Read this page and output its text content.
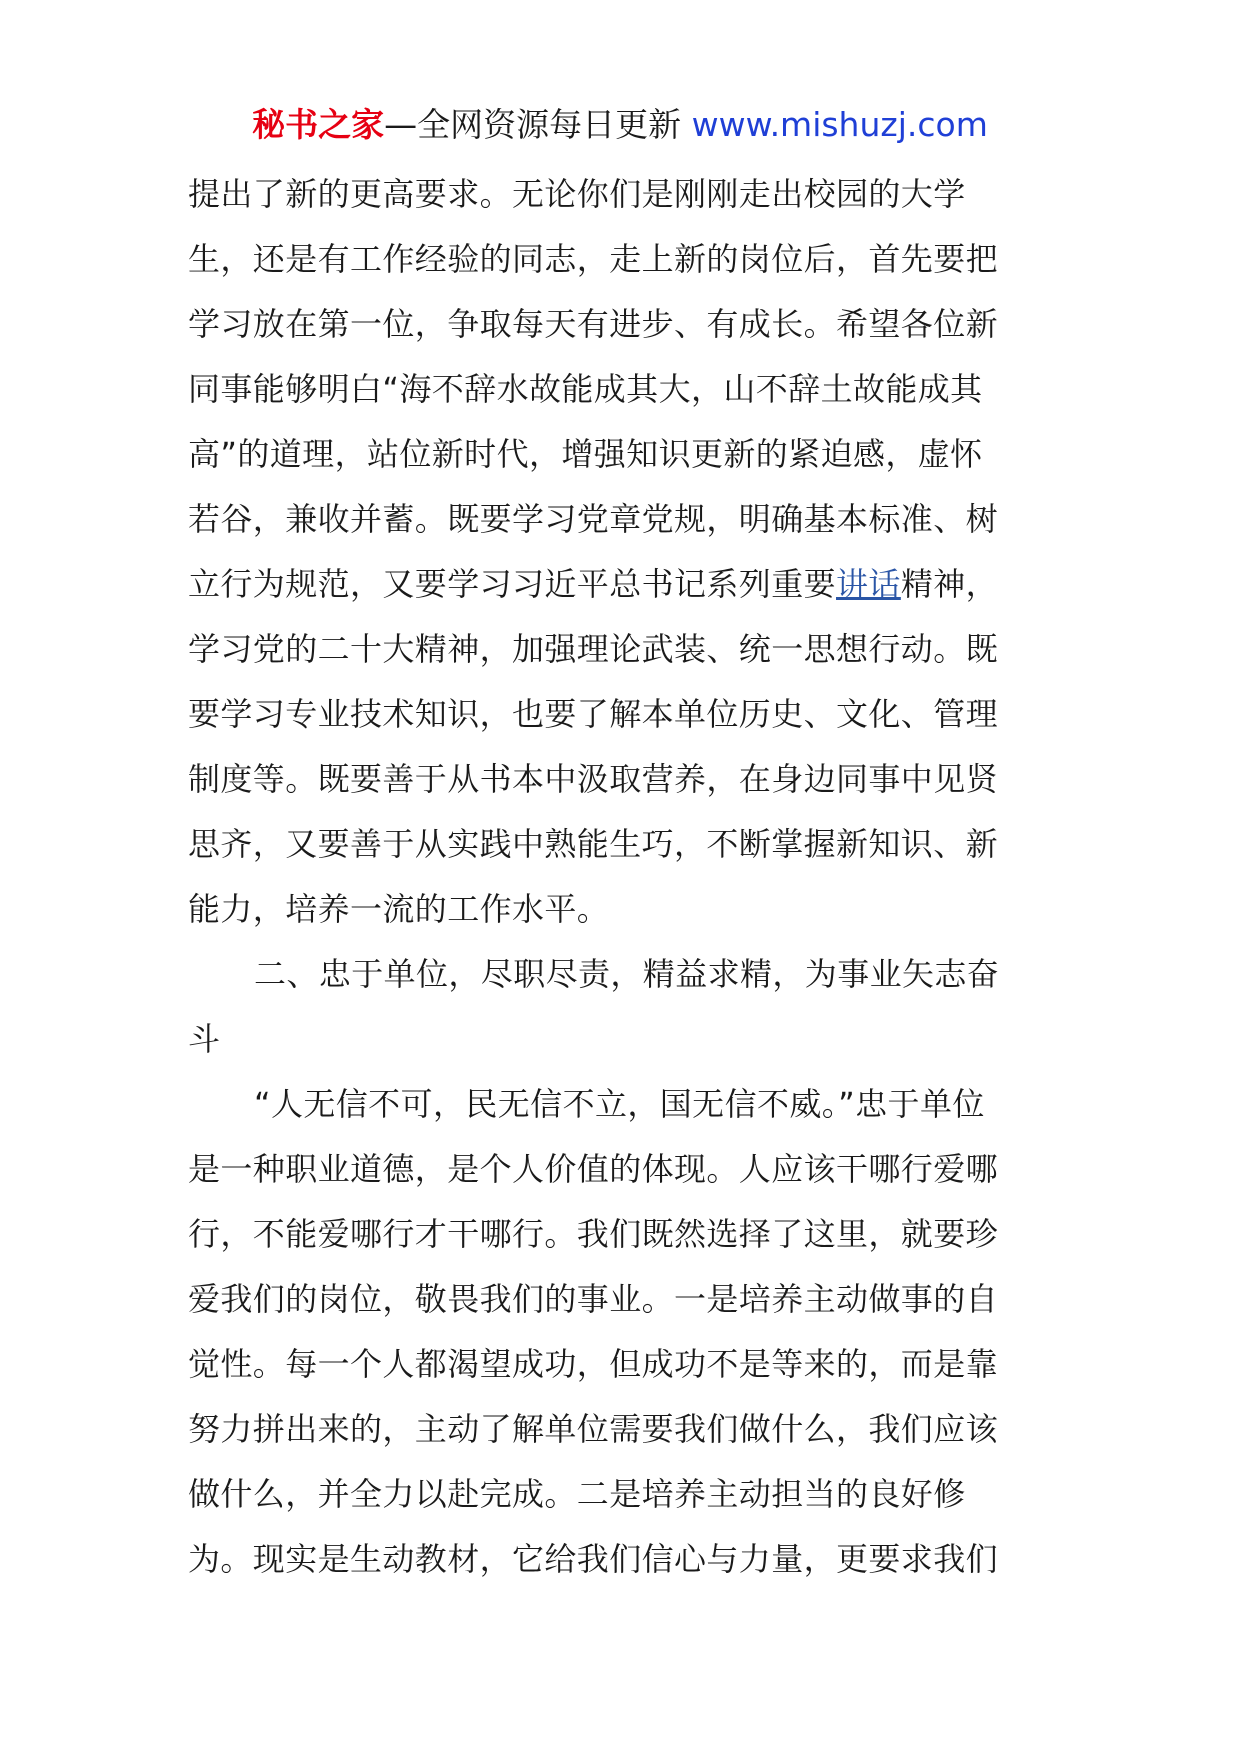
秘书之家—全网资源每日更新 www.mishuzj.com
提出了新的更高要求。无论你们是刚刚走出校园的大学
生，还是有工作经验的同志，走上新的岗位后，首先要把
学习放在第一位，争取每天有进步、有成长。希望各位新
同事能够明白“海不辞水故能成其大，山不辞土故能成其
高”的道理，站位新时代，增强知识更新的紧迫感，虚怀
若谷，兼收并蓄。既要学习党章党规，明确基本标准、树
立行为规范，又要学习习近平总书记系列重要讲话精神，
学习党的二十大精神，加强理论武装、统一思想行动。既
要学习专业技术知识，也要了解本单位历史、文化、管理
制度等。既要善于从书本中汲取营养，在身边同事中见贤
思齐，又要善于从实践中熟能生巧，不断掌握新知识、新
能力，培养一流的工作水平。
二、忠于单位，尽职尽责，精益求精，为事业矢志奋
斗
“人无信不可，民无信不立，国无信不威。”忠于单位
是一种职业道德，是个人价值的体现。人应该干哪行爱哪
行，不能爱哪行才干哪行。我们既然选择了这里，就要珍
爱我们的岗位，敬畏我们的事业。一是培养主动做事的自
觉性。每一个人都渴望成功，但成功不是等来的，而是靠
努力拼出来的，主动了解单位需要我们做什么，我们应该
做什么，并全力以赴完成。二是培养主动担当的良好修
为。现实是生动教材，它给我们信心与力量，更要求我们
